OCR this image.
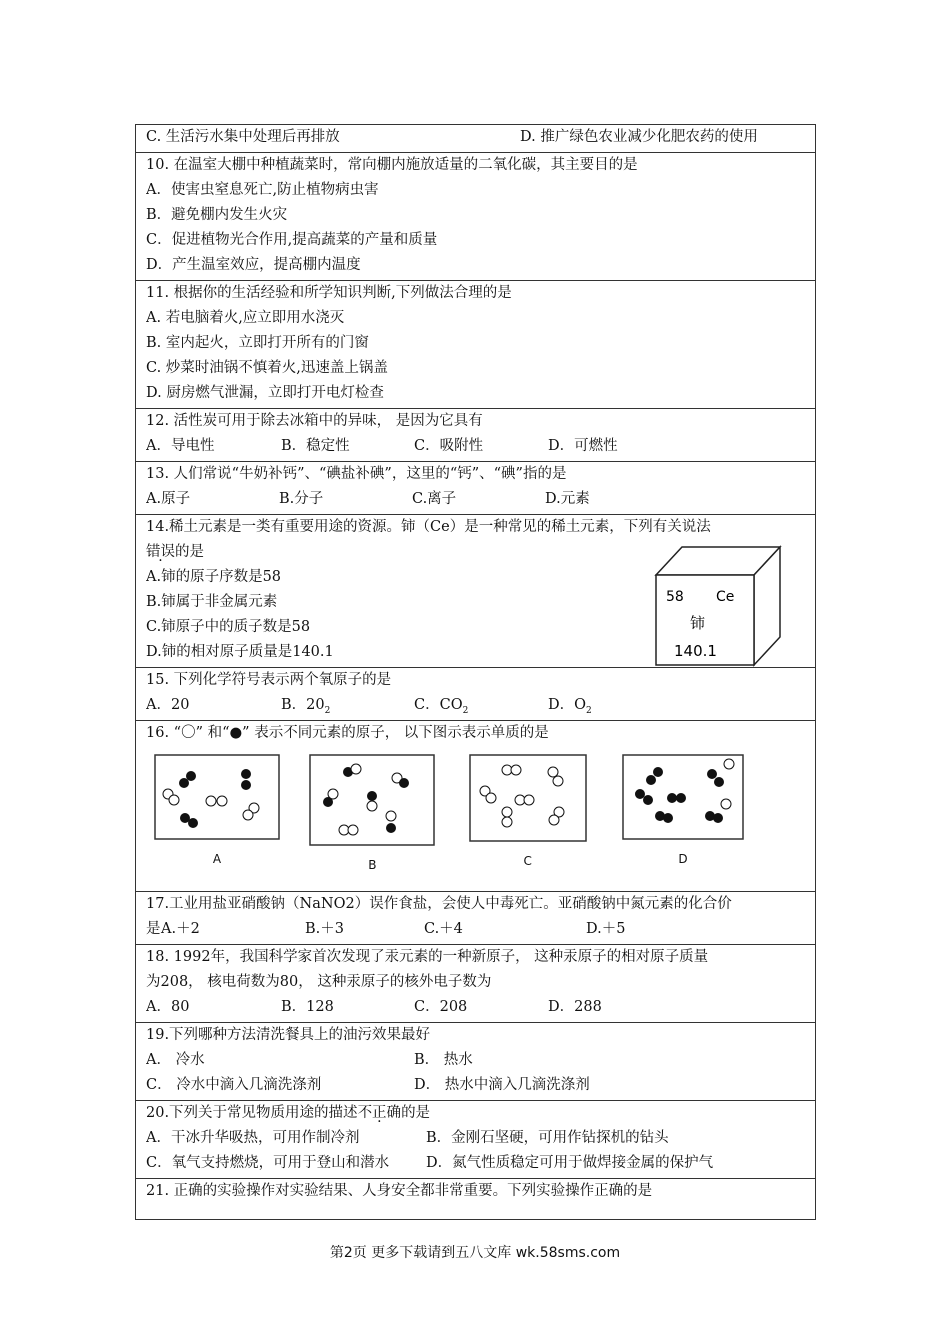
C. 生活污水集中处理后再排放	D. 推广绿色农业减少化肥农药的使用

10. 在温室大棚中种植蔬菜时，常向棚内施放适量的二氧化碳，其主要目的是
A．使害虫窒息死亡,防止植物病虫害
B．避免棚内发生火灾
C．促进植物光合作用,提高蔬菜的产量和质量
D．产生温室效应，提高棚内温度

11. 根据你的生活经验和所学知识判断,下列做法合理的是
A. 若电脑着火,应立即用水浇灭
B. 室内起火，立即打开所有的门窗
C. 炒菜时油锅不慎着火,迅速盖上锅盖
D. 厨房燃气泄漏，立即打开电灯检查

12. 活性炭可用于除去冰箱中的异味， 是因为它具有
A．导电性	B．稳定性	C．吸附性	D．可燃性

13. 人们常说“牛奶补钙”、“碘盐补碘”，这里的“钙”、“碘”指的是
A.原子	B.分子	C.离子	D.元素

14.稀土元素是一类有重要用途的资源。铈（Ce）是一种常见的稀土元素，下列有关说法
错误的是
A.铈的原子序数是58
B.铈属于非金属元素
C.铈原子中的质子数是58
D.铈的相对原子质量是140.1
58 Ce
铈
140.1

15. 下列化学符号表示两个氧原子的是
A．20	B．$20_2$	C．$CO_2$	D．$O_2$

16. “〇” 和“●” 表示不同元素的原子， 以下图示表示单质的是
A	B	C	D

17.工业用盐亚硝酸钠（NaNO2）误作食盐，会使人中毒死亡。亚硝酸钠中氮元素的化合价
是 A.＋2	B.＋3	C.＋4	D.＋5

18. 1992年，我国科学家首次发现了汞元素的一种新原子， 这种汞原子的相对原子质量
为208， 核电荷数为80， 这种汞原子的核外电子数为
A．80	B．128	C．208	D．288

19.下列哪种方法清洗餐具上的油污效果最好
A． 冷水	B． 热水
C． 冷水中滴入几滴洗涤剂	D． 热水中滴入几滴洗涤剂

20.下列关于常见物质用途的描述不正确的是
A．干冰升华吸热，可用作制冷剂	B．金刚石坚硬，可用作钻探机的钻头
C．氧气支持燃烧，可用于登山和潜水	D．氮气性质稳定可用于做焊接金属的保护气

21. 正确的实验操作对实验结果、人身安全都非常重要。下列实验操作正确的是
第2页 更多下载请到五八文库 wk.58sms.com
